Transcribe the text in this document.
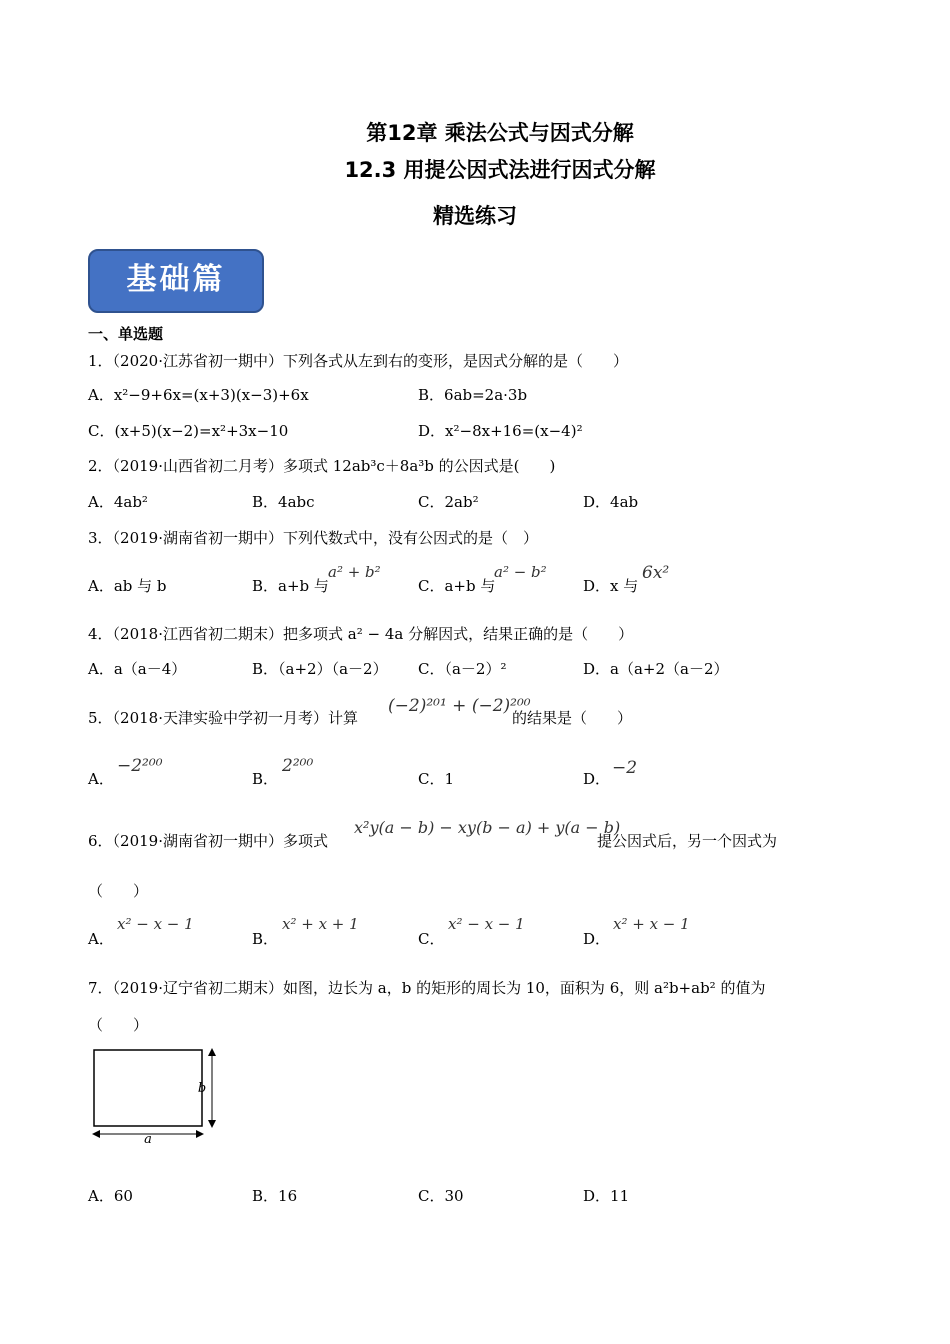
第12章 乘法公式与因式分解
12.3 用提公因式法进行因式分解
精选练习
基础篇
一、单选题
1．（2020·江苏省初一期中）下列各式从左到右的变形，是因式分解的是（　　）
A．x²−9+6x=(x+3)(x−3)+6x	B．6ab=2a·3b
C．(x+5)(x−2)=x²+3x−10	D．x²−8x+16=(x−4)²
2．（2019·山西省初二月考）多项式 12ab³c＋8a³b 的公因式是(　　)
A．4ab²	B．4abc	C．2ab²	D．4ab
3．（2019·湖南省初一期中）下列代数式中，没有公因式的是（　）
A．ab 与 b	B．a+b 与
a² + b²
C．a+b 与
a² − b²
D．x 与
6x²
4．（2018·江西省初二期末）把多项式 a² − 4a 分解因式，结果正确的是（　　）
A．a（a－4）	B．（a+2）（a－2） C．（a－2）²	D．a（a+2（a－2）
5．（2018·天津实验中学初一月考）计算
(−2)²⁰¹ + (−2)²⁰⁰
的结果是（　　）
A．
−2²⁰⁰
B．
2²⁰⁰
C．1	D．
−2
6．（2019·湖南省初一期中）多项式
x²y(a − b) − xy(b − a) + y(a − b)
提公因式后，另一个因式为
（　　）
A．
x² − x − 1
B．
x² + x + 1
C．
x² − x − 1
D．
x² + x − 1
7．（2019·辽宁省初二期末）如图，边长为 a，b 的矩形的周长为 10，面积为 6，则 a²b+ab² 的值为
（　　）
a
b
A．60	B．16	C．30	D．11
